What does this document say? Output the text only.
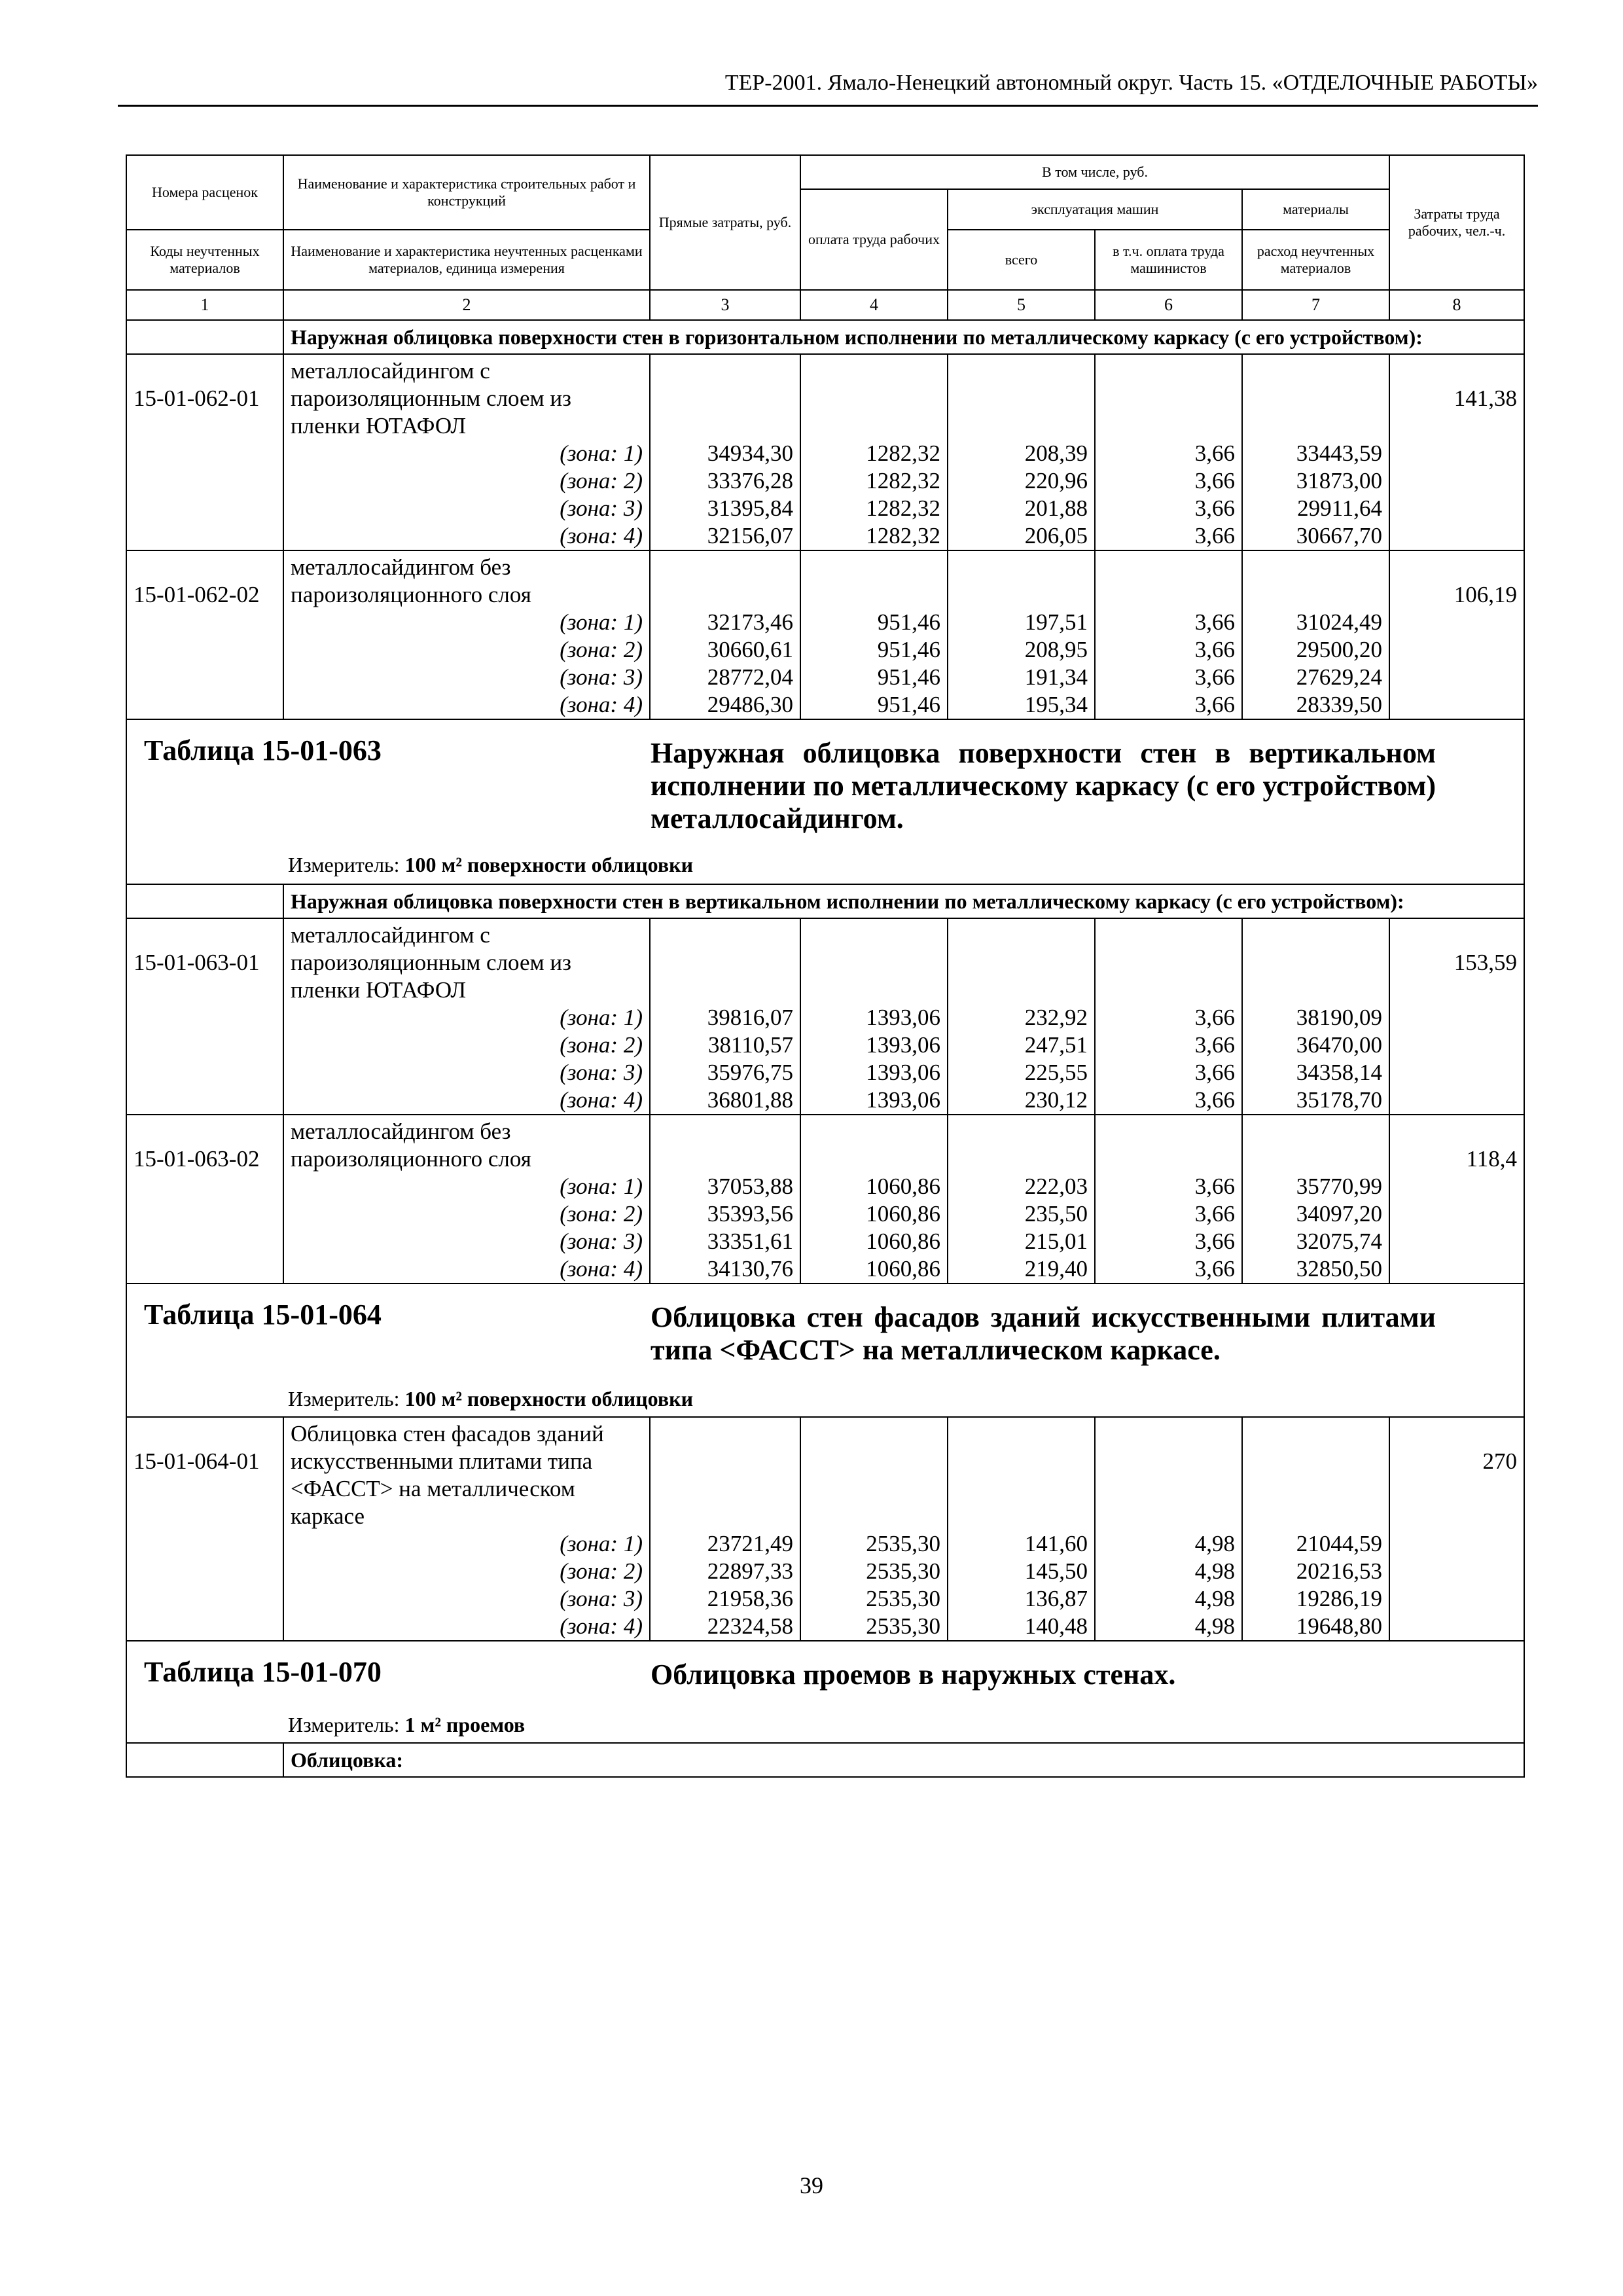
ТЕР-2001. Ямало-Ненецкий автономный округ. Часть 15. «ОТДЕЛОЧНЫЕ РАБОТЫ»
Номера расценок	Наименование и характеристика строительных работ и конструкций	Прямые затраты, руб.	В том числе, руб.				Затраты труда рабочих, чел.-ч.
			оплата труда рабочих	эксплуатация машин		материалы	
Коды неучтенных материалов	Наименование и характеристика неучтенных расценками материалов, единица измерения			всего	в т.ч. оплата труда машинистов	расход неучтенных материалов	
1	2	3	4	5	6	7	8
	Наружная облицовка поверхности стен в горизонтальном исполнении по металлическому каркасу (с его устройством):						
15-01-062-01	металлосайдингом с пароизоляционным слоем из пленки ЮТАФОЛ						141,38
	(зона: 1)	34934,30	1282,32	208,39	3,66	33443,59	
	(зона: 2)	33376,28	1282,32	220,96	3,66	31873,00	
	(зона: 3)	31395,84	1282,32	201,88	3,66	29911,64	
	(зона: 4)	32156,07	1282,32	206,05	3,66	30667,70	
15-01-062-02	металлосайдингом без пароизоляционного слоя						106,19
	(зона: 1)	32173,46	951,46	197,51	3,66	31024,49	
	(зона: 2)	30660,61	951,46	208,95	3,66	29500,20	
	(зона: 3)	28772,04	951,46	191,34	3,66	27629,24	
	(зона: 4)	29486,30	951,46	195,34	3,66	28339,50	

Таблица 15-01-063 Наружная облицовка поверхности стен в вертикальном исполнении по металлическому каркасу (с его устройством) металлосайдингом.
Измеритель: 100 м² поверхности облицовки							

	Наружная облицовка поверхности стен в вертикальном исполнении по металлическому каркасу (с его устройством):						
15-01-063-01	металлосайдингом с пароизоляционным слоем из пленки ЮТАФОЛ						153,59
	(зона: 1)	39816,07	1393,06	232,92	3,66	38190,09	
	(зона: 2)	38110,57	1393,06	247,51	3,66	36470,00	
	(зона: 3)	35976,75	1393,06	225,55	3,66	34358,14	
	(зона: 4)	36801,88	1393,06	230,12	3,66	35178,70	
15-01-063-02	металлосайдингом без пароизоляционного слоя						118,4
	(зона: 1)	37053,88	1060,86	222,03	3,66	35770,99	
	(зона: 2)	35393,56	1060,86	235,50	3,66	34097,20	
	(зона: 3)	33351,61	1060,86	215,01	3,66	32075,74	
	(зона: 4)	34130,76	1060,86	219,40	3,66	32850,50	

Таблица 15-01-064 Облицовка стен фасадов зданий искусственными плитами типа <ФАССТ> на металлическом каркасе.
Измеритель: 100 м² поверхности облицовки							

15-01-064-01	Облицовка стен фасадов зданий искусственными плитами типа <ФАССТ> на металлическом каркасе						270
	(зона: 1)	23721,49	2535,30	141,60	4,98	21044,59	
	(зона: 2)	22897,33	2535,30	145,50	4,98	20216,53	
	(зона: 3)	21958,36	2535,30	136,87	4,98	19286,19	
	(зона: 4)	22324,58	2535,30	140,48	4,98	19648,80	

Таблица 15-01-070 Облицовка проемов в наружных стенах.
Измеритель: 1 м² проемов							

	Облицовка:						
39
